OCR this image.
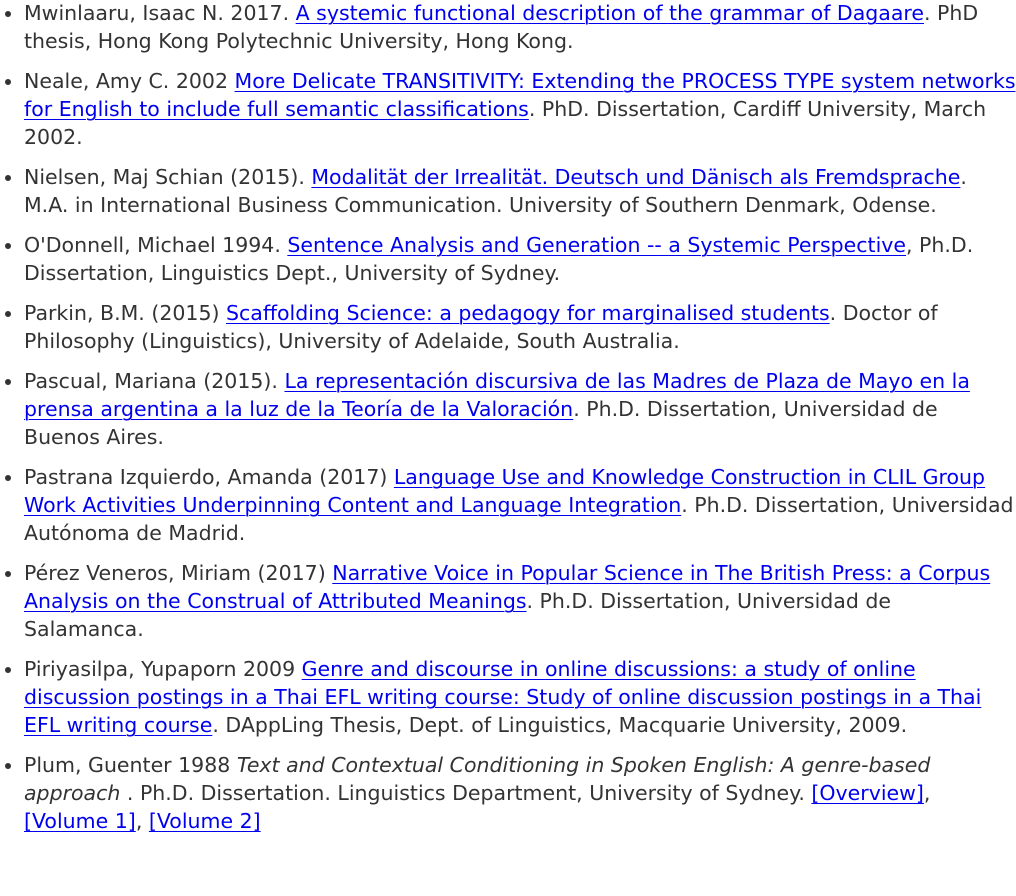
Mwinlaaru, Isaac N. 2017. A systemic functional description of the grammar of Dagaare. PhD thesis, Hong Kong Polytechnic University, Hong Kong.
Neale, Amy C. 2002 More Delicate TRANSITIVITY: Extending the PROCESS TYPE system networks for English to include full semantic classifications. PhD. Dissertation, Cardiff University, March 2002.
Nielsen, Maj Schian (2015). Modalität der Irrealität. Deutsch und Dänisch als Fremdsprache. M.A. in International Business Communication. University of Southern Denmark, Odense.
O'Donnell, Michael 1994. Sentence Analysis and Generation -- a Systemic Perspective, Ph.D. Dissertation, Linguistics Dept., University of Sydney.
Parkin, B.M. (2015) Scaffolding Science: a pedagogy for marginalised students. Doctor of Philosophy (Linguistics), University of Adelaide, South Australia.
Pascual, Mariana (2015). La representación discursiva de las Madres de Plaza de Mayo en la prensa argentina a la luz de la Teoría de la Valoración. Ph.D. Dissertation, Universidad de Buenos Aires.
Pastrana Izquierdo, Amanda (2017) Language Use and Knowledge Construction in CLIL Group Work Activities Underpinning Content and Language Integration. Ph.D. Dissertation, Universidad Autónoma de Madrid.
Pérez Veneros, Miriam (2017) Narrative Voice in Popular Science in The British Press: a Corpus Analysis on the Construal of Attributed Meanings. Ph.D. Dissertation, Universidad de Salamanca.
Piriyasilpa, Yupaporn 2009 Genre and discourse in online discussions: a study of online discussion postings in a Thai EFL writing course: Study of online discussion postings in a Thai EFL writing course. DAppLing Thesis, Dept. of Linguistics, Macquarie University, 2009.
Plum, Guenter 1988 Text and Contextual Conditioning in Spoken English: A genre-based approach . Ph.D. Dissertation. Linguistics Department, University of Sydney. [Overview], [Volume 1], [Volume 2]
